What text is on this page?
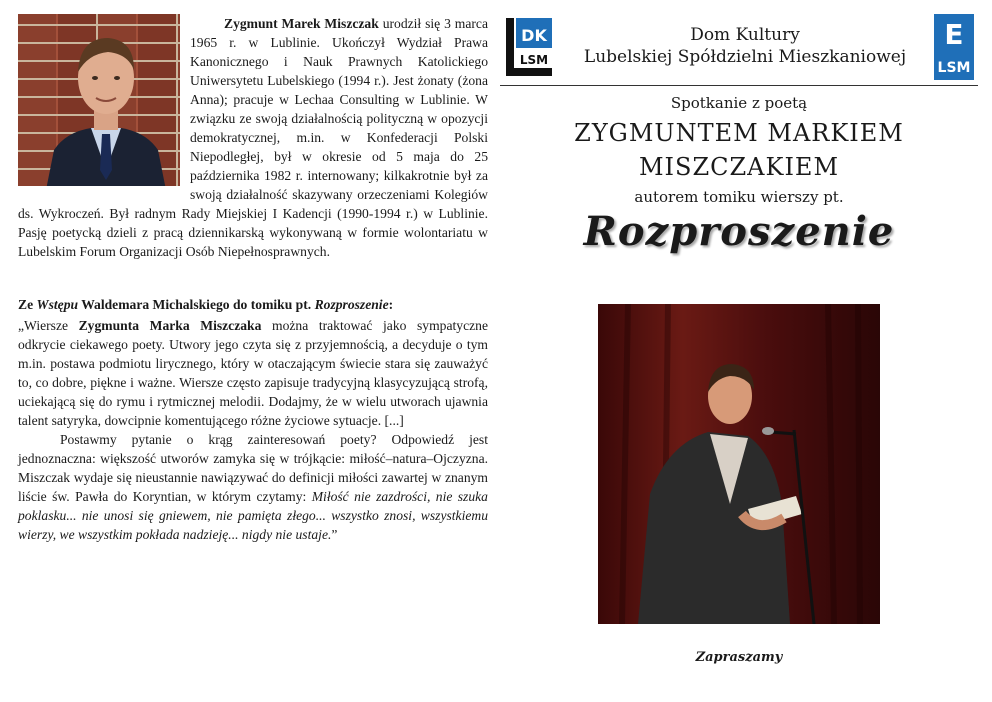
Zygmunt Marek Miszczak urodził się 3 marca 1965 r. w Lublinie. Ukończył Wydział Prawa Kanonicznego i Nauk Prawnych Katolickiego Uniwersytetu Lubelskiego (1994 r.). Jest żonaty (żona Anna); pracuje w Lechaa Consulting w Lublinie. W związku ze swoją działalnością polityczną w opozycji demokratycznej, m.in. w Konfederacji Polski Niepodległej, był w okresie od 5 maja do 25 października 1982 r. internowany; kilkakrotnie był za swoją działalność skazywany orzeczeniami Kolegiów ds. Wykroczeń. Był radnym Rady Miejskiej I Kadencji (1990-1994 r.) w Lublinie. Pasję poetycką dzieli z pracą dziennikarską wykonywaną w formie wolontariatu w Lubelskim Forum Organizacji Osób Niepełnosprawnych.

Ze Wstępu Waldemara Michalskiego do tomiku pt. Rozproszenie:

„Wiersze Zygmunta Marka Miszczaka można traktować jako sympatyczne odkrycie ciekawego poety. Utwory jego czyta się z przyjemnością, a decyduje o tym m.in. postawa podmiotu lirycznego, który w otaczającym świecie stara się zauważyć to, co dobre, piękne i ważne. Wiersze często zapisuje tradycyjną klasycyzującą strofą, uciekającą się do rymu i rytmicznej melodii. Dodajmy, że w wielu utworach ujawnia talent satyryka, dowcipnie komentującego różne życiowe sytuacje. [...]

Postawmy pytanie o krąg zainteresowań poety? Odpowiedź jest jednoznaczna: większość utworów zamyka się w trójkącie: miłość–natura–Ojczyzna. Miszczak wydaje się nieustannie nawiązywać do definicji miłości zawartej w znanym liście św. Pawła do Koryntian, w którym czytamy: Miłość nie zazdrości, nie szuka poklasku... nie unosi się gniewem, nie pamięta złego... wszystko znosi, wszystkiemu wierzy, we wszystkim pokłada nadzieję... nigdy nie ustaje.”

DK
LSM
Dom Kultury
Lubelskiej Spółdzielni Mieszkaniowej
E
LSM
Spotkanie z poetą
ZYGMUNTEM MARKIEM
MISZCZAKIEM
autorem tomiku wierszy pt.
Rozproszenie
Zapraszamy
